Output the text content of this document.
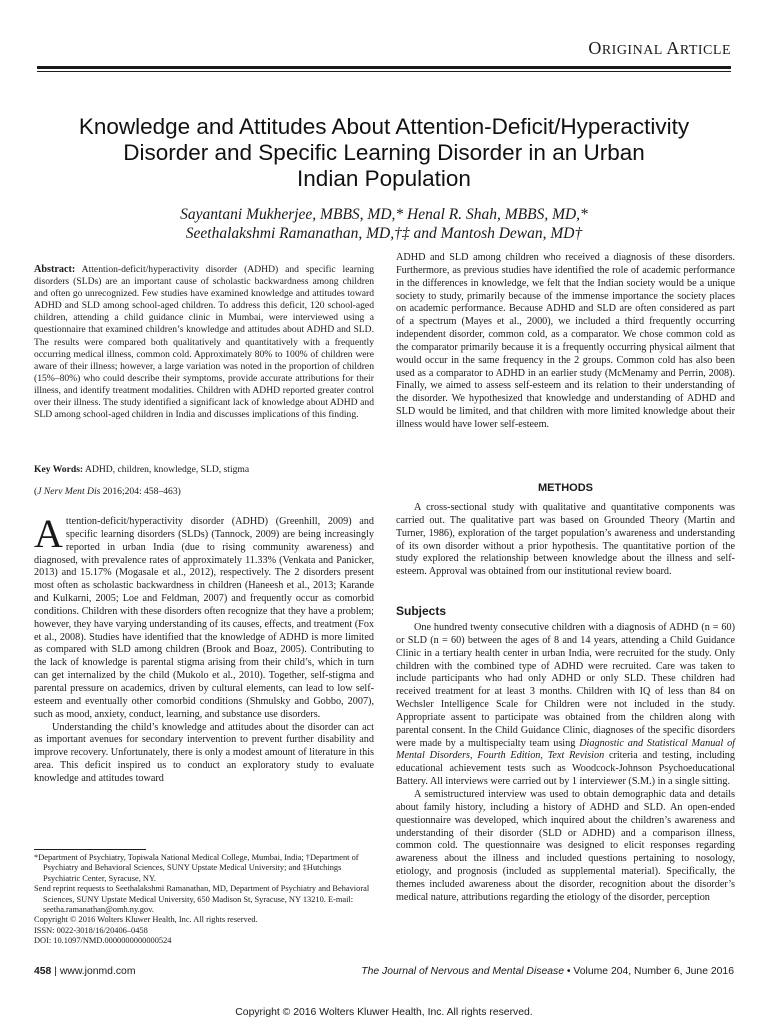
ORIGINAL ARTICLE
Knowledge and Attitudes About Attention-Deficit/Hyperactivity
Disorder and Specific Learning Disorder in an Urban
Indian Population
Sayantani Mukherjee, MBBS, MD,* Henal R. Shah, MBBS, MD,*
Seethalakshmi Ramanathan, MD,†‡ and Mantosh Dewan, MD†
Abstract: Attention-deficit/hyperactivity disorder (ADHD) and specific learning disorders (SLDs) are an important cause of scholastic backwardness among children and often go unrecognized. Few studies have examined knowledge and attitudes toward ADHD and SLD among school-aged children. To address this deficit, 120 school-aged children, attending a child guidance clinic in Mumbai, were interviewed using a questionnaire that examined children’s knowledge and attitudes about ADHD and SLD. The results were compared both qualitatively and quantitatively with a frequently occurring medical illness, common cold. Approximately 80% to 100% of children were aware of their illness; however, a large variation was noted in the proportion of children (15%–80%) who could describe their symptoms, provide accurate attributions for their illness, and identify treatment modalities. Children with ADHD reported greater control over their illness. The study identified a significant lack of knowledge about ADHD and SLD among school-aged children in India and discusses implications of this finding.
Key Words: ADHD, children, knowledge, SLD, stigma
(J Nerv Ment Dis 2016;204: 458–463)
Attention-deficit/hyperactivity disorder (ADHD) (Greenhill, 2009) and specific learning disorders (SLDs) (Tannock, 2009) are being increasingly reported in urban India (due to rising community awareness) and diagnosed, with prevalence rates of approximately 11.33% (Venkata and Panicker, 2013) and 15.17% (Mogasale et al., 2012), respectively. The 2 disorders present most often as scholastic backwardness in children (Haneesh et al., 2013; Karande and Kulkarni, 2005; Loe and Feldman, 2007) and frequently occur as comorbid conditions. Children with these disorders often recognize that they have a problem; however, they have varying understanding of its causes, effects, and treatment (Fox et al., 2008). Studies have identified that the knowledge of ADHD is more limited as compared with SLD among children (Brook and Boaz, 2005). Contributing to the lack of knowledge is parental stigma arising from their child’s, which in turn can get internalized by the child (Mukolo et al., 2010). Together, self-stigma and parental pressure on academics, driven by cultural elements, can lead to low self-esteem and eventually other comorbid conditions (Shmulsky and Gobbo, 2007), such as mood, anxiety, conduct, learning, and substance use disorders.
Understanding the child’s knowledge and attitudes about the disorder can act as important avenues for secondary intervention to prevent further disability and improve recovery. Unfortunately, there is only a modest amount of literature in this area. This deficit inspired us to conduct an exploratory study to evaluate knowledge and attitudes toward
*Department of Psychiatry, Topiwala National Medical College, Mumbai, India; †Department of Psychiatry and Behavioral Sciences, SUNY Upstate Medical University; and ‡Hutchings Psychiatric Center, Syracuse, NY.
Send reprint requests to Seethalakshmi Ramanathan, MD, Department of Psychiatry and Behavioral Sciences, SUNY Upstate Medical University, 650 Madison St, Syracuse, NY 13210. E-mail: seetha.ramanathan@omh.ny.gov.
Copyright © 2016 Wolters Kluwer Health, Inc. All rights reserved.
ISSN: 0022-3018/16/20406–0458
DOI: 10.1097/NMD.0000000000000524
ADHD and SLD among children who received a diagnosis of these disorders. Furthermore, as previous studies have identified the role of academic performance in the differences in knowledge, we felt that the Indian society would be a unique society to study, primarily because of the immense importance the society places on academic performance. Because ADHD and SLD are often considered as part of a spectrum (Mayes et al., 2000), we included a third frequently occurring independent disorder, common cold, as a comparator. We chose common cold as the comparator primarily because it is a frequently occurring physical ailment that would occur in the same frequency in the 2 groups. Common cold has also been used as a comparator to ADHD in an earlier study (McMenamy and Perrin, 2008). Finally, we aimed to assess self-esteem and its relation to their understanding of the disorder. We hypothesized that knowledge and understanding of ADHD and SLD would be limited, and that children with more limited knowledge about their illness would have lower self-esteem.
METHODS
A cross-sectional study with qualitative and quantitative components was carried out. The qualitative part was based on Grounded Theory (Martin and Turner, 1986), exploration of the target population’s awareness and understanding of its own disorder without a prior hypothesis. The quantitative portion of the study explored the relationship between knowledge about the illness and self-esteem. Approval was obtained from our institutional review board.
Subjects
One hundred twenty consecutive children with a diagnosis of ADHD (n = 60) or SLD (n = 60) between the ages of 8 and 14 years, attending a Child Guidance Clinic in a tertiary health center in urban India, were recruited for the study. Only children with the combined type of ADHD were recruited. Care was taken to include participants who had only ADHD or only SLD. These children had received treatment for at least 3 months. Children with IQ of less than 84 on Wechsler Intelligence Scale for Children were not included in the study. Appropriate assent to participate was obtained from the children along with parental consent. In the Child Guidance Clinic, diagnoses of the specific disorders were made by a multispecialty team using Diagnostic and Statistical Manual of Mental Disorders, Fourth Edition, Text Revision criteria and testing, including educational achievement tests such as Woodcock-Johnson Psychoeducational Battery. All interviews were carried out by 1 interviewer (S.M.) in a single sitting.
A semistructured interview was used to obtain demographic data and details about family history, including a history of ADHD and SLD. An open-ended questionnaire was developed, which inquired about the children’s awareness and understanding of their disorder (SLD or ADHD) and a comparison illness, common cold. The questionnaire was designed to elicit responses regarding awareness about the illness and included questions pertaining to nosology, etiology, and prognosis (included as supplemental material). Specifically, the themes included awareness about the disorder, recognition about the disorder’s medical nature, attributions regarding the etiology of the disorder, perception
458 | www.jonmd.com	The Journal of Nervous and Mental Disease • Volume 204, Number 6, June 2016
Copyright © 2016 Wolters Kluwer Health, Inc. All rights reserved.
